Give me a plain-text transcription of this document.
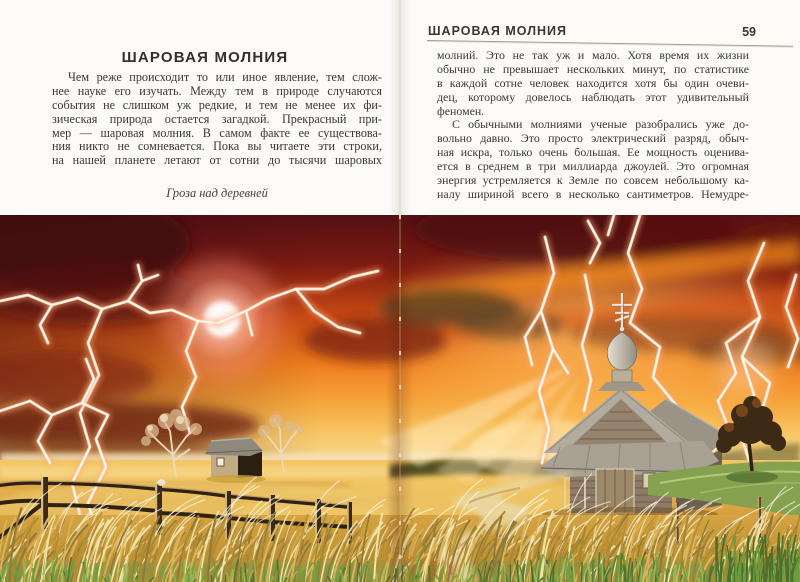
ШАРОВАЯ МОЛНИЯ
Чем реже происходит то или иное явление, тем слож-
нее науке его изучать. Между тем в природе случаются
события не слишком уж редкие, и тем не менее их фи-
зическая природа остается загадкой. Прекрасный при-
мер — шаровая молния. В самом факте ее существова-
ния никто не сомневается. Пока вы читаете эти строки,
на нашей планете летают от сотни до тысячи шаровых
Гроза над деревней
ШАРОВАЯ МОЛНИЯ	59
молний. Это не так уж и мало. Хотя время их жизни
обычно не превышает нескольких минут, по статистике
в каждой сотне человек находится хотя бы один очеви-
дец, которому довелось наблюдать этот удивительный
феномен.
С обычными молниями ученые разобрались уже до-
вольно давно. Это просто электрический разряд, обыч-
ная искра, только очень большая. Ее мощность оценива-
ется в среднем в три миллиарда джоулей. Это огромная
энергия устремляется к Земле по совсем небольшому ка-
налу шириной всего в несколько сантиметров. Немудре-
